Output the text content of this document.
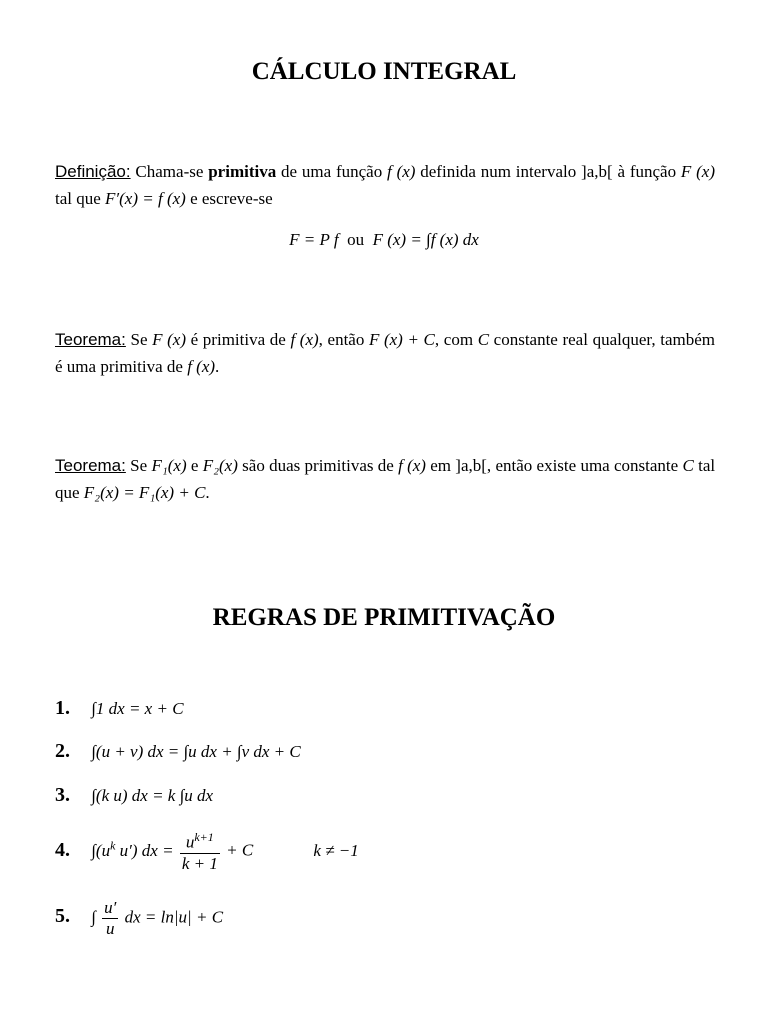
CÁLCULO INTEGRAL
Definição: Chama-se primitiva de uma função f (x) definida num intervalo ]a,b[ à função F (x) tal que F′(x) = f (x) e escreve-se
F = P f ou F (x) = ∫f (x) dx
Teorema: Se F (x) é primitiva de f (x), então F (x) + C, com C constante real qualquer, também é uma primitiva de f (x).
Teorema: Se F₁(x) e F₂(x) são duas primitivas de f (x) em ]a,b[, então existe uma constante C tal que F₂(x) = F₁(x) + C.
REGRAS DE PRIMITIVAÇÃO
1. ∫1 dx = x + C
2. ∫(u + v) dx = ∫u dx + ∫v dx + C
3. ∫(k u) dx = k ∫u dx
4. $\int(u^k$ u′) dx = $\frac{u^{k+1}}{k + 1} + C$	k ≠ −1
5. ∫ $\frac{u'}{u}$ dx = ln|u| + C
